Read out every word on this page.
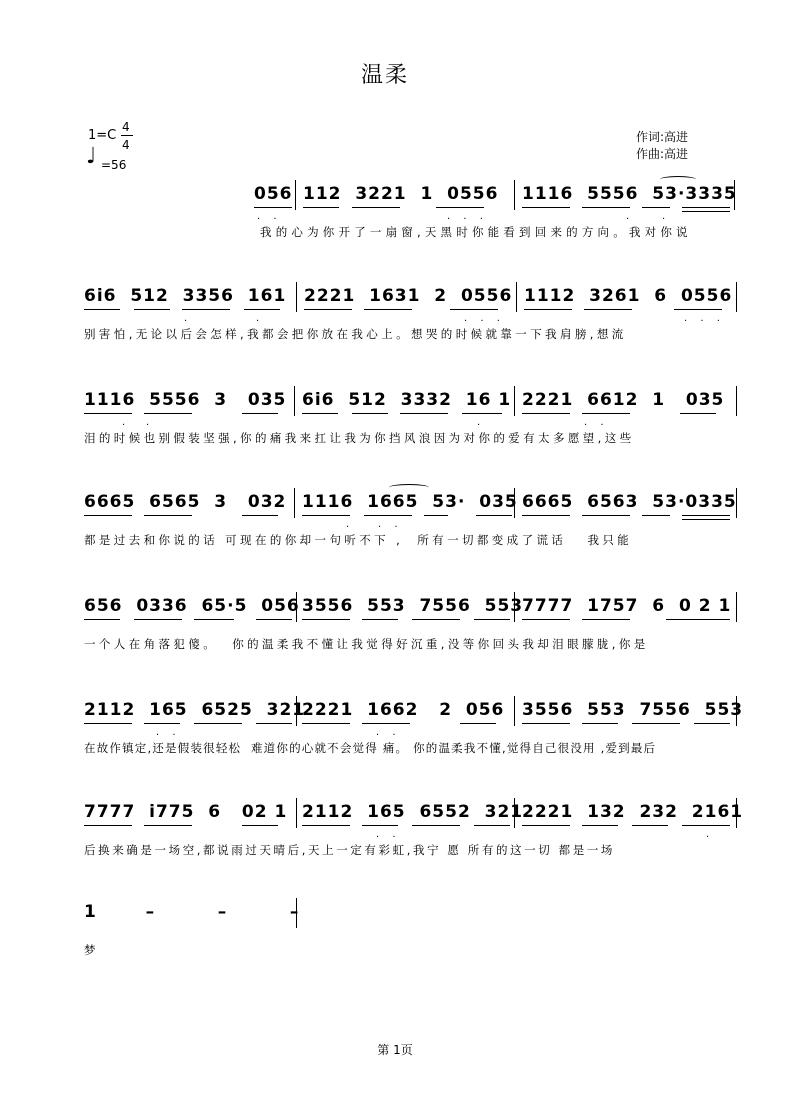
温柔
1=C
4
4
♩ =56
作词:高进
作曲:高进
056 112  3221  1  0556 1116  5556  53·3335
· ·	· · ·	·	·
我的心为你开了一扇窗,天黑时你能看到回来的方向。我对你说
6i6  512  3356  161 2221  1631  2  0556 1112  3261  6  0556
·	·	· · ·	· · ·
别害怕,无论以后会怎样,我都会把你放在我心上。想哭的时候就靠一下我肩膀,想流
1116  5556  3   035 6i6  512  3332  16 1 2221  6612  1   035
· ·	·	· ·
泪的时候也别假装坚强,你的痛我来扛让我为你挡风浪因为对你的爱有太多愿望,这些
6665  6565  3   032 1116  1665  53·  035 6665  6563  53·0335
· · ·
都是过去和你说的话 可现在的你却一句听不下 ,  所有一切都变成了谎话   我只能
656  0336  65·5  056 3556  553  7556  553
7777  1757  6  0 2 1
一个人在角落犯傻。  你的温柔我不懂让我觉得好沉重,没等你回头我却泪眼朦胧,你是
2112  165  6525  321
2221  1662   2  056 3556  553  7556  553
· ·	· ·
在故作镇定,还是假装很轻松  难道你的心就不会觉得 痛。 你的温柔我不懂,觉得自己很没用 ,爱到最后
7777  i775  6   02 1 2112  165  6552  321
2221  132  232  2161
· ·	·
后换来确是一场空,都说雨过天晴后,天上一定有彩虹,我宁 愿 所有的这一切 都是一场
1   –    –    –
梦
第 1页
